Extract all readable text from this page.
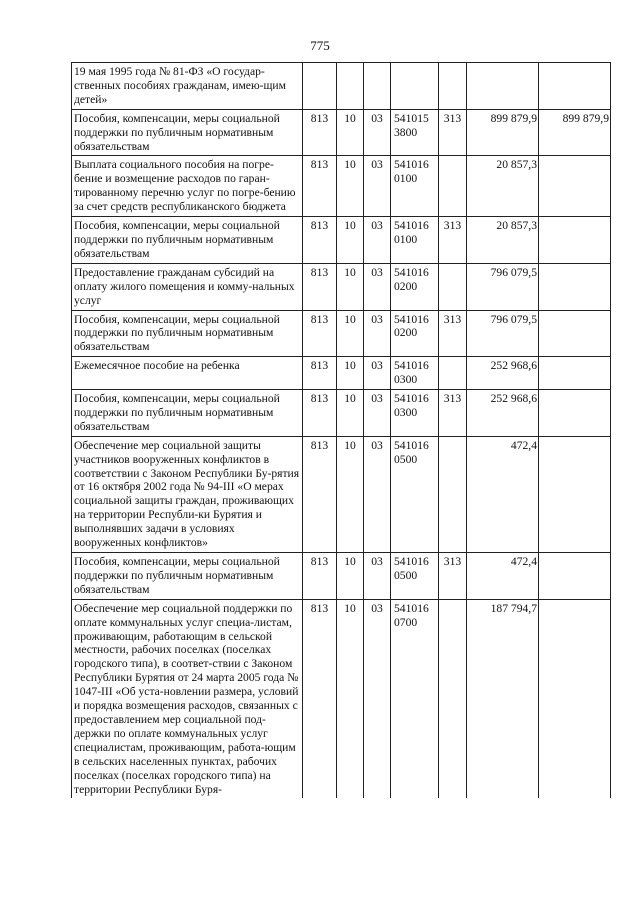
775
19 мая 1995 года № 81-ФЗ «О государ-ственных пособиях гражданам, имею-щим детей»							
Пособия, компенсации, меры социальной поддержки по публичным нормативным обязательствам	813	10	03	541015 3800	313	899 879,9	899 879,9
Выплата социального пособия на погре-бение и возмещение расходов по гаран-тированному перечню услуг по погре-бению за счет средств республиканского бюджета	813	10	03	541016 0100		20 857,3	
Пособия, компенсации, меры социальной поддержки по публичным нормативным обязательствам	813	10	03	541016 0100	313	20 857,3	
Предоставление гражданам субсидий на оплату жилого помещения и комму-нальных услуг	813	10	03	541016 0200		796 079,5	
Пособия, компенсации, меры социальной поддержки по публичным нормативным обязательствам	813	10	03	541016 0200	313	796 079,5	
Ежемесячное пособие на ребенка	813	10	03	541016 0300		252 968,6	
Пособия, компенсации, меры социальной поддержки по публичным нормативным обязательствам	813	10	03	541016 0300	313	252 968,6	
Обеспечение мер социальной защиты участников вооруженных конфликтов в соответствии с Законом Республики Бу-рятия от 16 октября 2002 года № 94-III «О мерах социальной защиты граждан, проживающих на территории Республи-ки Бурятия и выполнявших задачи в условиях вооруженных конфликтов»	813	10	03	541016 0500		472,4	
Пособия, компенсации, меры социальной поддержки по публичным нормативным обязательствам	813	10	03	541016 0500	313	472,4	
Обеспечение мер социальной поддержки по оплате коммунальных услуг специа-листам, проживающим, работающим в сельской местности, рабочих поселках (поселках городского типа), в соответ-ствии с Законом Республики Бурятия от 24 марта 2005 года № 1047-III «Об уста-новлении размера, условий и порядка возмещения расходов, связанных с предоставлением мер социальной под-держки по оплате коммунальных услуг специалистам, проживающим, работа-ющим в сельских населенных пунктах, рабочих поселках (поселках городского типа) на территории Республики Буря-	813	10	03	541016 0700		187 794,7	
